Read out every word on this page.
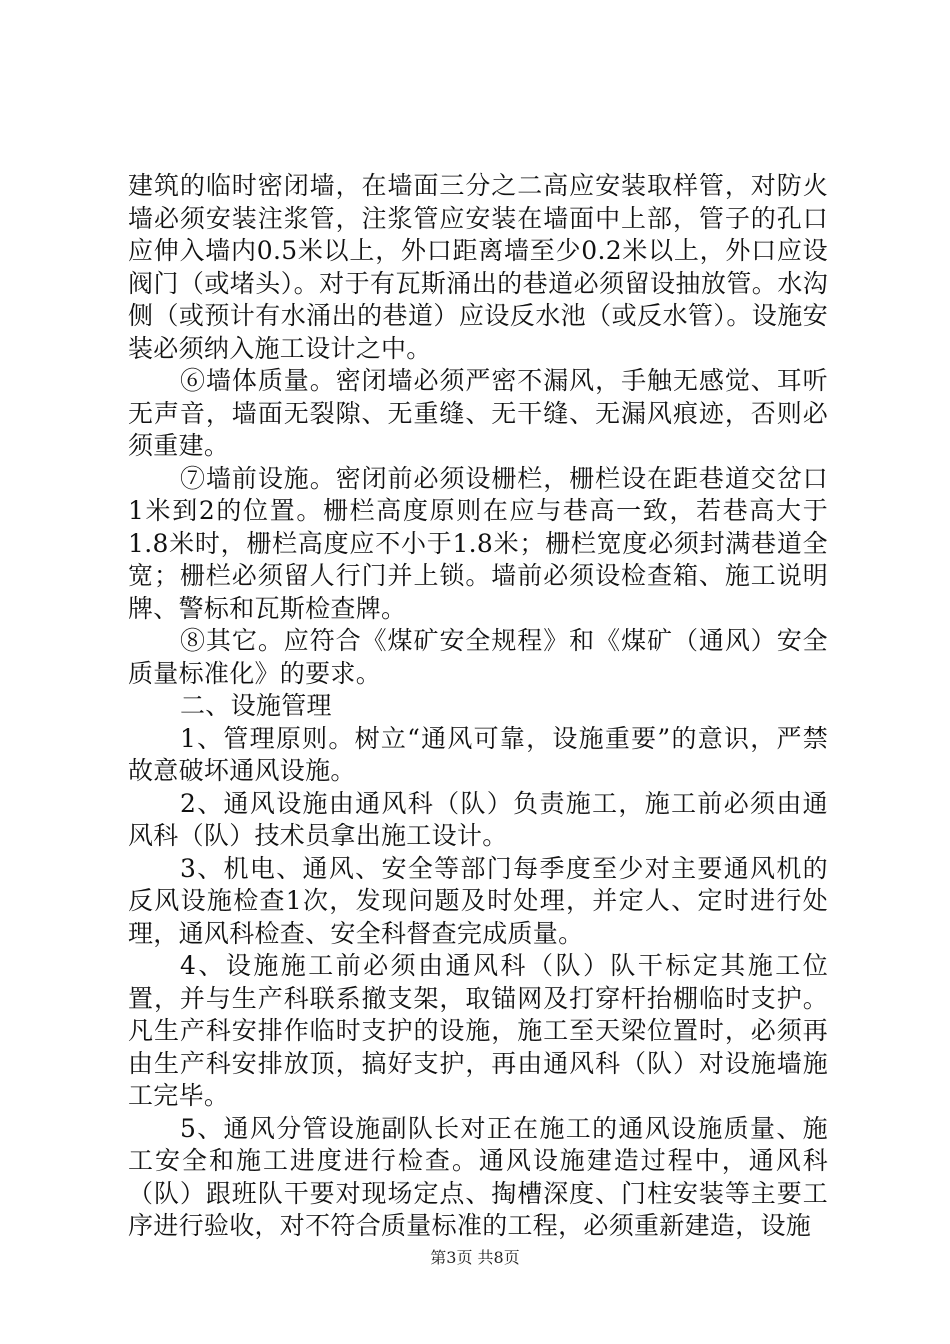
建筑的临时密闭墙，在墙面三分之二高应安装取样管，对防火墙必须安装注浆管，注浆管应安装在墙面中上部，管子的孔口应伸入墙内0.5米以上，外口距离墙至少0.2米以上，外口应设阀门（或堵头）。对于有瓦斯涌出的巷道必须留设抽放管。水沟侧（或预计有水涌出的巷道）应设反水池（或反水管）。设施安装必须纳入施工设计之中。

⑥墙体质量。密闭墙必须严密不漏风，手触无感觉、耳听无声音，墙面无裂隙、无重缝、无干缝、无漏风痕迹，否则必须重建。

⑦墙前设施。密闭前必须设栅栏，栅栏设在距巷道交岔口1米到2的位置。栅栏高度原则在应与巷高一致，若巷高大于1.8米时，栅栏高度应不小于1.8米；栅栏宽度必须封满巷道全宽；栅栏必须留人行门并上锁。墙前必须设检查箱、施工说明牌、警标和瓦斯检查牌。

⑧其它。应符合《煤矿安全规程》和《煤矿（通风）安全质量标准化》的要求。

二、设施管理

1、管理原则。树立“通风可靠，设施重要”的意识，严禁故意破坏通风设施。

2、通风设施由通风科（队）负责施工，施工前必须由通风科（队）技术员拿出施工设计。

3、机电、通风、安全等部门每季度至少对主要通风机的反风设施检查1次，发现问题及时处理，并定人、定时进行处理，通风科检查、安全科督查完成质量。

4、设施施工前必须由通风科（队）队干标定其施工位置，并与生产科联系撤支架，取锚网及打穿杆抬棚临时支护。凡生产科安排作临时支护的设施，施工至天梁位置时，必须再由生产科安排放顶，搞好支护，再由通风科（队）对设施墙施工完毕。

5、通风分管设施副队长对正在施工的通风设施质量、施工安全和施工进度进行检查。通风设施建造过程中，通风科（队）跟班队干要对现场定点、掏槽深度、门柱安装等主要工序进行验收，对不符合质量标准的工程，必须重新建造，设施

第3页 共8页
